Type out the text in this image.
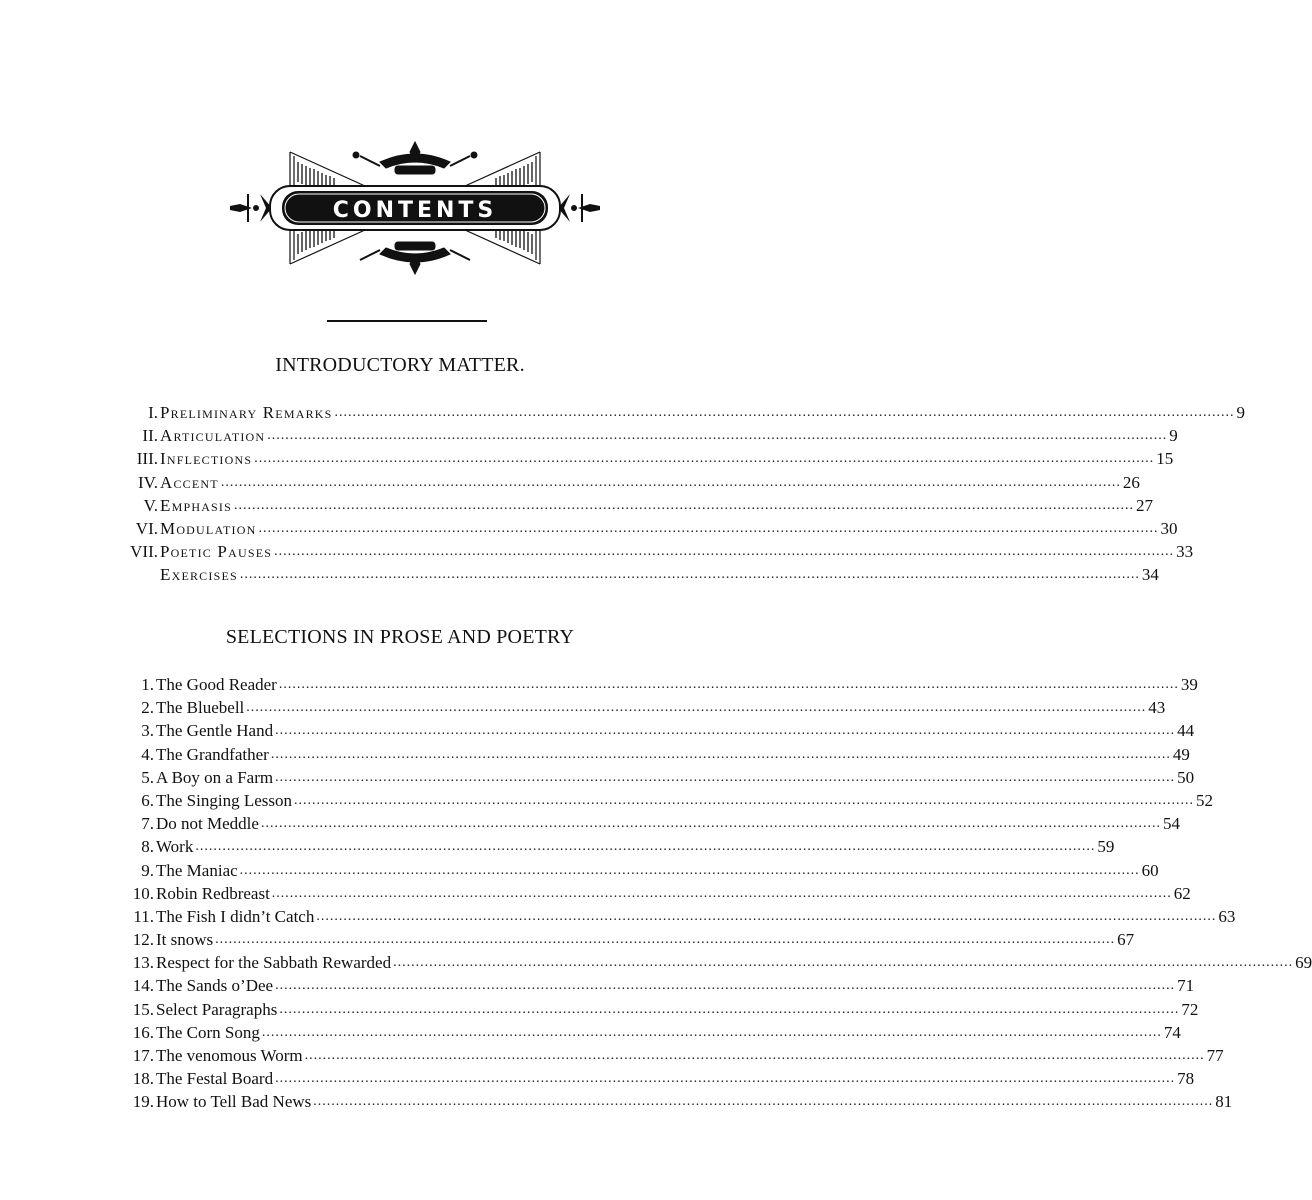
CONTENTS
INTRODUCTORY MATTER.
I. Preliminary Remarks ........................................................................................................................................................................................................ 9
II. Articulation ........................................................................................................................................................................................................ 9
III. Inflections ........................................................................................................................................................................................................ 15
IV. Accent ........................................................................................................................................................................................................ 26
V. Emphasis ........................................................................................................................................................................................................ 27
VI. Modulation ........................................................................................................................................................................................................ 30
VII. Poetic Pauses ........................................................................................................................................................................................................ 33
Exercises ........................................................................................................................................................................................................ 34
SELECTIONS IN PROSE AND POETRY
1. The Good Reader ........................................................................................................................................................................................................ 39
2. The Bluebell ........................................................................................................................................................................................................ 43
3. The Gentle Hand ........................................................................................................................................................................................................ 44
4. The Grandfather ........................................................................................................................................................................................................ 49
5. A Boy on a Farm ........................................................................................................................................................................................................ 50
6. The Singing Lesson ........................................................................................................................................................................................................ 52
7. Do not Meddle ........................................................................................................................................................................................................ 54
8. Work ........................................................................................................................................................................................................ 59
9. The Maniac ........................................................................................................................................................................................................ 60
10. Robin Redbreast ........................................................................................................................................................................................................ 62
11. The Fish I didn’t Catch ........................................................................................................................................................................................................ 63
12. It snows ........................................................................................................................................................................................................ 67
13. Respect for the Sabbath Rewarded ........................................................................................................................................................................................................ 69
14. The Sands o’Dee ........................................................................................................................................................................................................ 71
15. Select Paragraphs ........................................................................................................................................................................................................ 72
16. The Corn Song ........................................................................................................................................................................................................ 74
17. The venomous Worm ........................................................................................................................................................................................................ 77
18. The Festal Board ........................................................................................................................................................................................................ 78
19. How to Tell Bad News ........................................................................................................................................................................................................ 81
